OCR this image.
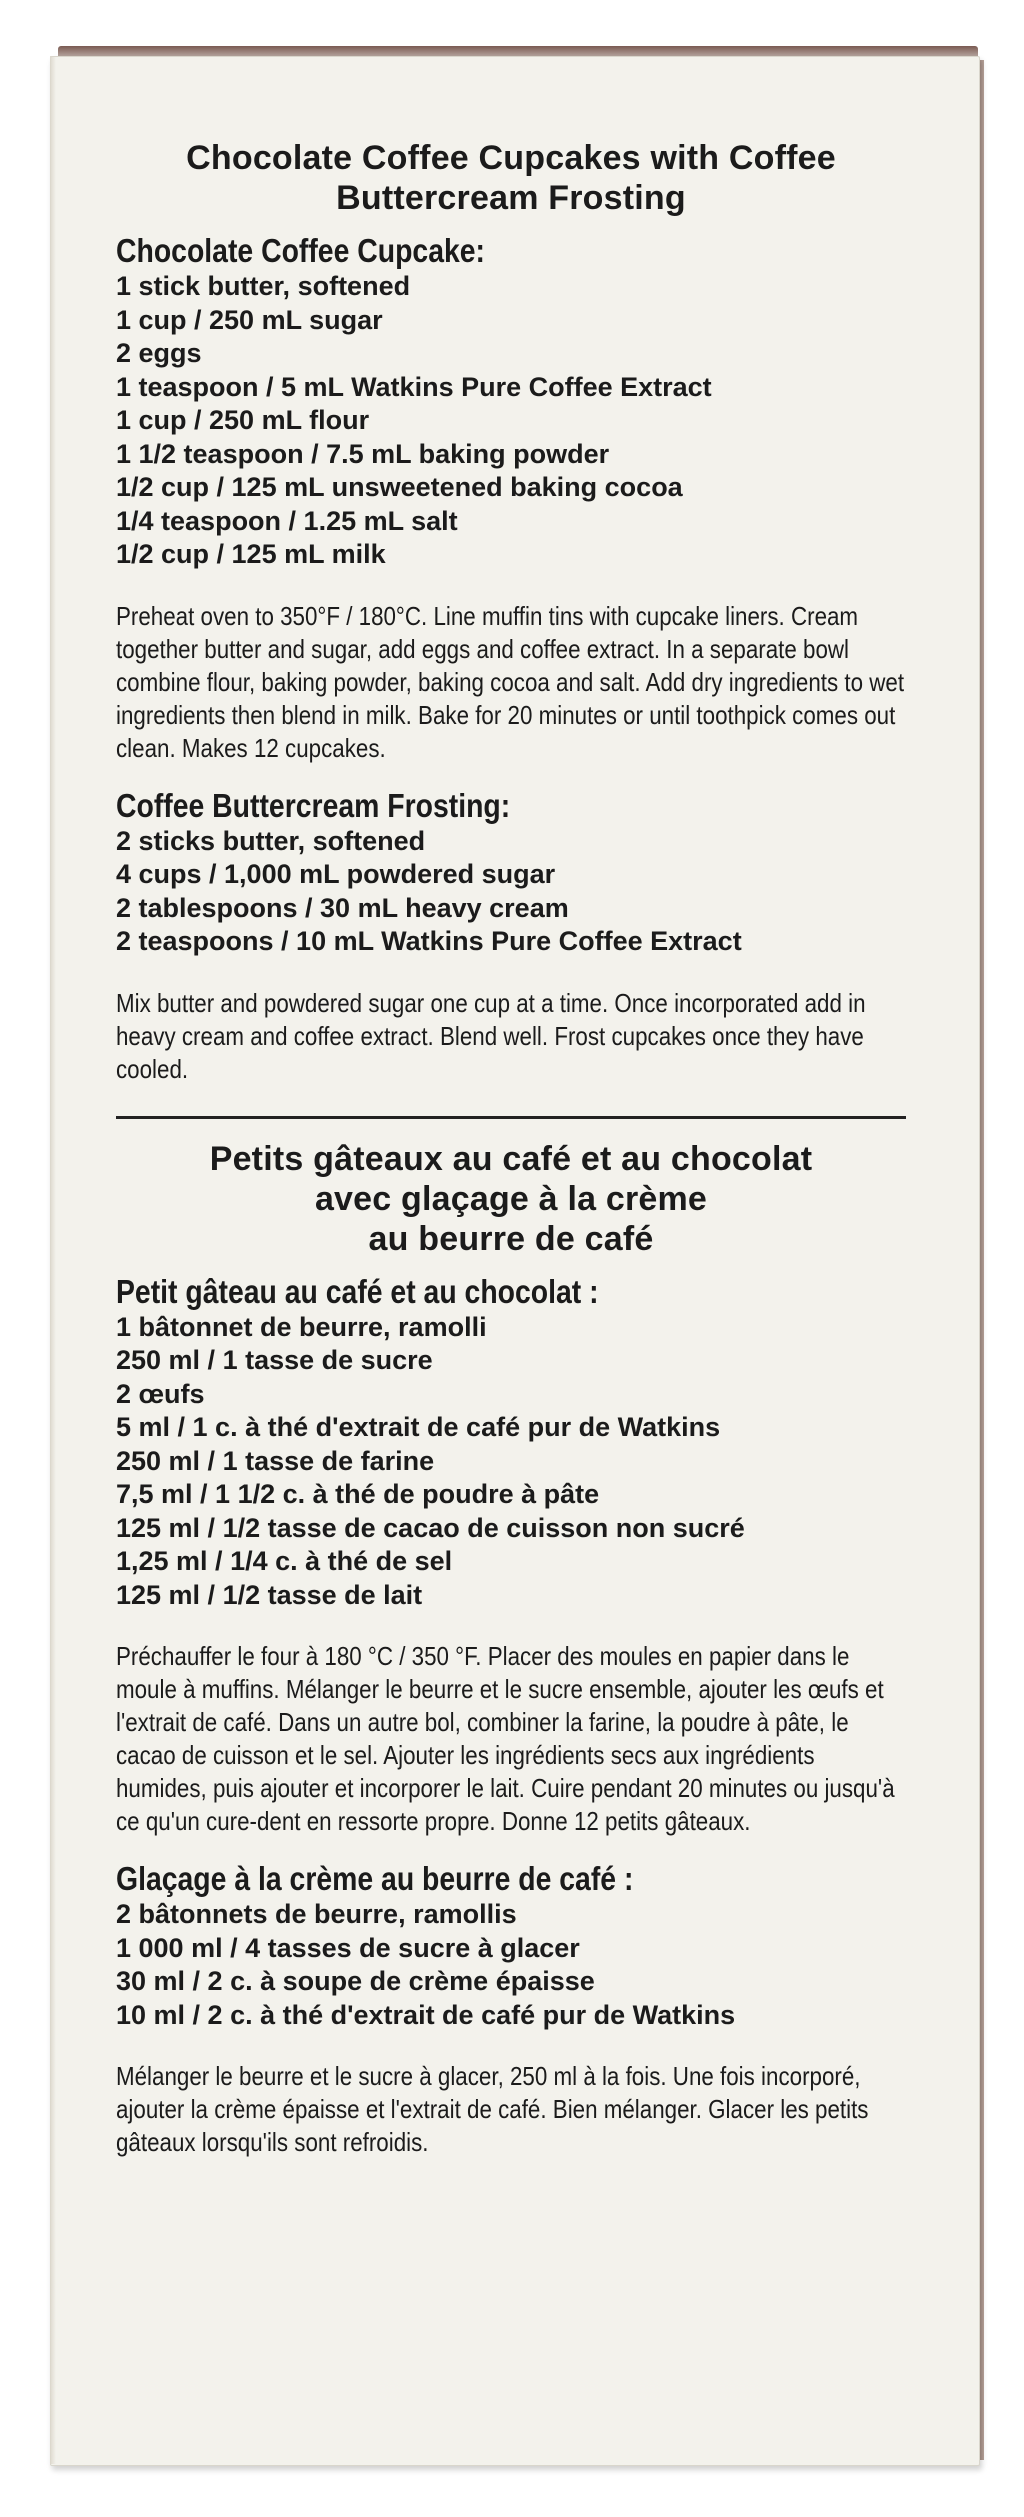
Chocolate Coffee Cupcakes with Coffee
Buttercream Frosting
Chocolate Coffee Cupcake:
1 stick butter, softened
1 cup / 250 mL sugar
2 eggs
1 teaspoon / 5 mL Watkins Pure Coffee Extract
1 cup / 250 mL flour
1 1/2 teaspoon / 7.5 mL baking powder
1/2 cup / 125 mL unsweetened baking cocoa
1/4 teaspoon / 1.25 mL salt
1/2 cup / 125 mL milk

Preheat oven to 350°F / 180°C. Line muffin tins with cupcake liners. Cream together butter and sugar, add eggs and coffee extract. In a separate bowl combine flour, baking powder, baking cocoa and salt. Add dry ingredients to wet ingredients then blend in milk. Bake for 20 minutes or until toothpick comes out clean. Makes 12 cupcakes.

Coffee Buttercream Frosting:
2 sticks butter, softened
4 cups / 1,000 mL powdered sugar
2 tablespoons / 30 mL heavy cream
2 teaspoons / 10 mL Watkins Pure Coffee Extract

Mix butter and powdered sugar one cup at a time. Once incorporated add in heavy cream and coffee extract. Blend well. Frost cupcakes once they have cooled.

Petits gâteaux au café et au chocolat
avec glaçage à la crème
au beurre de café
Petit gâteau au café et au chocolat :
1 bâtonnet de beurre, ramolli
250 ml / 1 tasse de sucre
2 œufs
5 ml / 1 c. à thé d'extrait de café pur de Watkins
250 ml / 1 tasse de farine
7,5 ml / 1 1/2 c. à thé de poudre à pâte
125 ml / 1/2 tasse de cacao de cuisson non sucré
1,25 ml / 1/4 c. à thé de sel
125 ml / 1/2 tasse de lait

Préchauffer le four à 180 °C / 350 °F. Placer des moules en papier dans le moule à muffins. Mélanger le beurre et le sucre ensemble, ajouter les œufs et l'extrait de café. Dans un autre bol, combiner la farine, la poudre à pâte, le cacao de cuisson et le sel. Ajouter les ingrédients secs aux ingrédients humides, puis ajouter et incorporer le lait. Cuire pendant 20 minutes ou jusqu'à ce qu'un cure-dent en ressorte propre. Donne 12 petits gâteaux.

Glaçage à la crème au beurre de café :
2 bâtonnets de beurre, ramollis
1 000 ml / 4 tasses de sucre à glacer
30 ml / 2 c. à soupe de crème épaisse
10 ml / 2 c. à thé d'extrait de café pur de Watkins

Mélanger le beurre et le sucre à glacer, 250 ml à la fois. Une fois incorporé, ajouter la crème épaisse et l'extrait de café. Bien mélanger. Glacer les petits gâteaux lorsqu'ils sont refroidis.
